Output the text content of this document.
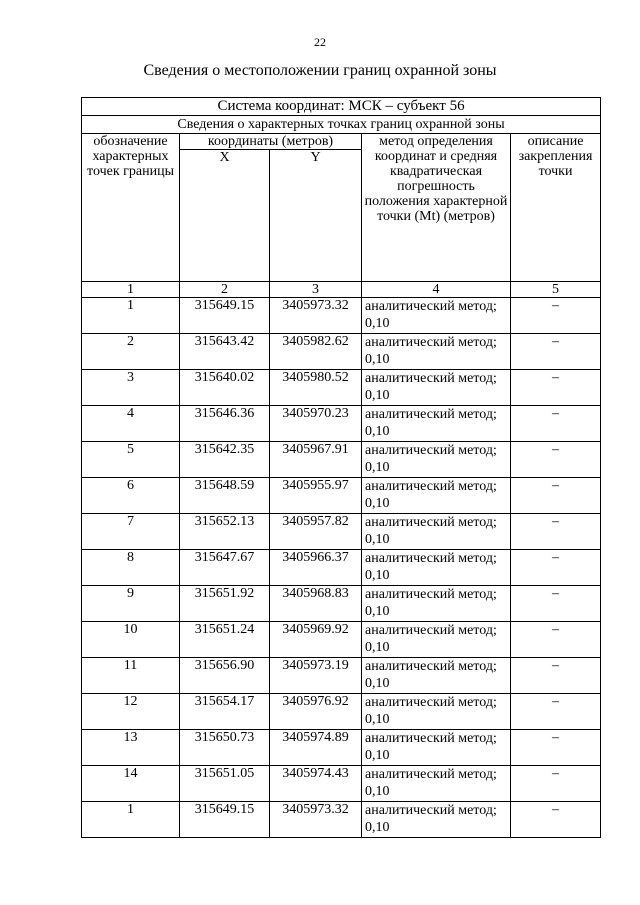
22
Сведения о местоположении границ охранной зоны
Система координат: МСК – субъект 56				
Сведения о характерных точках границ охранной зоны				
обозначение характерных точек границы	координаты (метров)		метод определения координат и средняя квадратическая погрешность положения характерной точки (Mt) (метров)	описание закрепления точки
	X	Y		
1	2	3	4	5
1	315649.15	3405973.32	аналитический метод; 0,10	–
2	315643.42	3405982.62	аналитический метод; 0,10	–
3	315640.02	3405980.52	аналитический метод; 0,10	–
4	315646.36	3405970.23	аналитический метод; 0,10	–
5	315642.35	3405967.91	аналитический метод; 0,10	–
6	315648.59	3405955.97	аналитический метод; 0,10	–
7	315652.13	3405957.82	аналитический метод; 0,10	–
8	315647.67	3405966.37	аналитический метод; 0,10	–
9	315651.92	3405968.83	аналитический метод; 0,10	–
10	315651.24	3405969.92	аналитический метод; 0,10	–
11	315656.90	3405973.19	аналитический метод; 0,10	–
12	315654.17	3405976.92	аналитический метод; 0,10	–
13	315650.73	3405974.89	аналитический метод; 0,10	–
14	315651.05	3405974.43	аналитический метод; 0,10	–
1	315649.15	3405973.32	аналитический метод; 0,10	–
